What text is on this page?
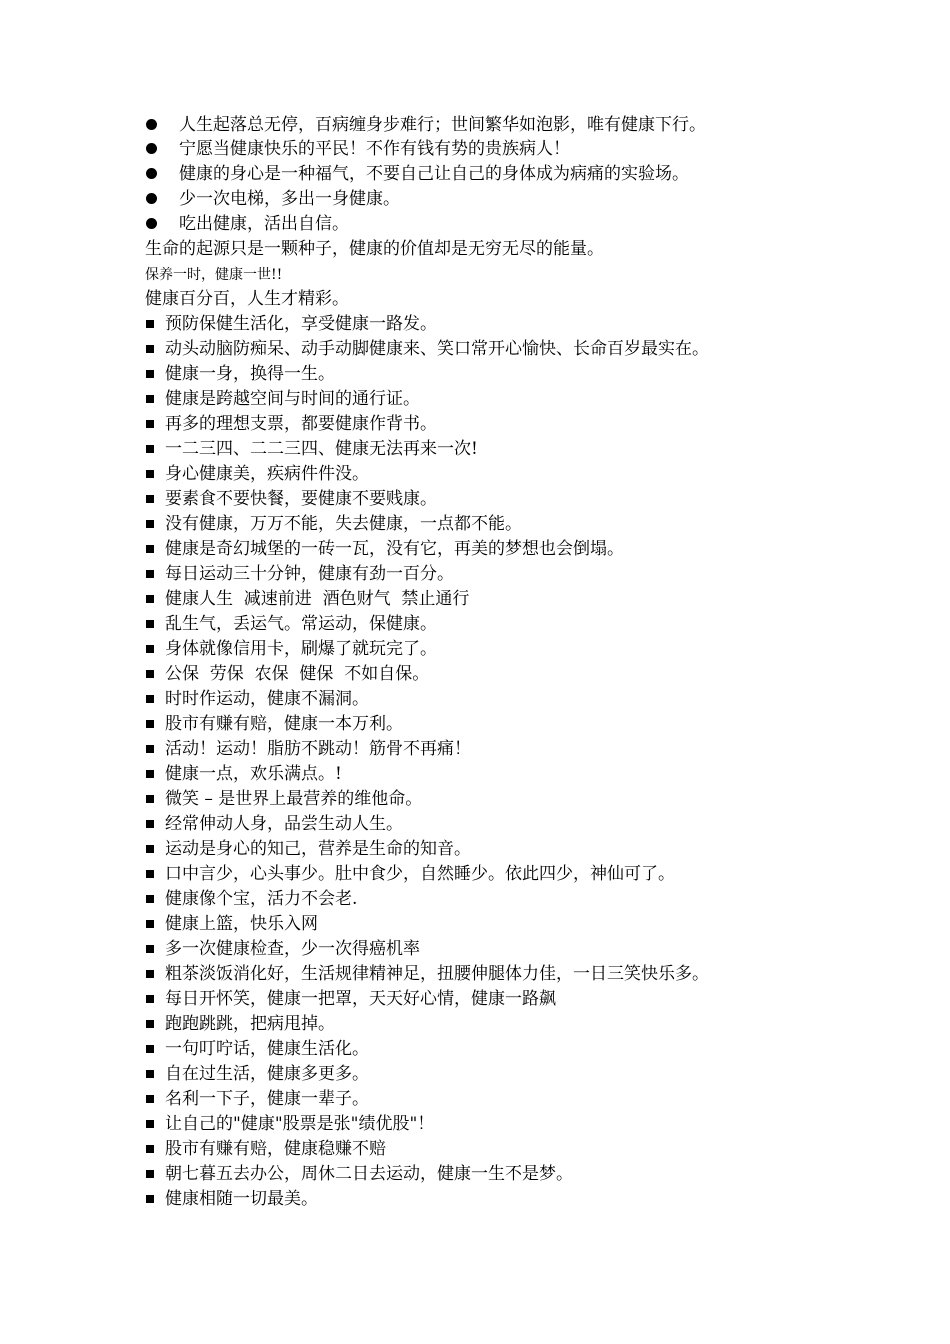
人生起落总无停，百病缠身步难行；世间繁华如泡影，唯有健康下行。
宁愿当健康快乐的平民！不作有钱有势的贵族病人！
健康的身心是一种福气，不要自己让自己的身体成为病痛的实验场。
少一次电梯，多出一身健康。
吃出健康，活出自信。
生命的起源只是一颗种子，健康的价值却是无穷无尽的能量。
保养一时，健康一世!!
健康百分百，人生才精彩。
预防保健生活化，享受健康一路发。
动头动脑防痴呆、动手动脚健康来、笑口常开心愉快、长命百岁最实在。
健康一身，换得一生。
健康是跨越空间与时间的通行证。
再多的理想支票，都要健康作背书。
一二三四、二二三四、健康无法再来一次!
身心健康美，疾病件件没。
要素食不要快餐，要健康不要贱康。
没有健康，万万不能，失去健康，一点都不能。
健康是奇幻城堡的一砖一瓦，没有它，再美的梦想也会倒塌。
每日运动三十分钟，健康有劲一百分。
健康人生  减速前进  酒色财气  禁止通行
乱生气，丢运气。常运动，保健康。
身体就像信用卡，刷爆了就玩完了。
公保  劳保  农保  健保  不如自保。
时时作运动，健康不漏洞。
股市有赚有赔，健康一本万利。
活动！运动！脂肪不跳动！筋骨不再痛！
健康一点，欢乐满点。!
微笑 – 是世界上最营养的维他命。
经常伸动人身，品尝生动人生。
运动是身心的知己，营养是生命的知音。
口中言少，心头事少。肚中食少，自然睡少。依此四少，神仙可了。
健康像个宝，活力不会老.
健康上篮，快乐入网
多一次健康检查，少一次得癌机率
粗茶淡饭消化好，生活规律精神足，扭腰伸腿体力佳，一日三笑快乐多。
每日开怀笑，健康一把罩，天天好心情，健康一路飙
跑跑跳跳，把病甩掉。
一句叮咛话，健康生活化。
自在过生活，健康多更多。
名利一下子，健康一辈子。
让自己的"健康"股票是张"绩优股"！
股市有赚有赔，健康稳赚不赔
朝七暮五去办公，周休二日去运动，健康一生不是梦。
健康相随一切最美。
